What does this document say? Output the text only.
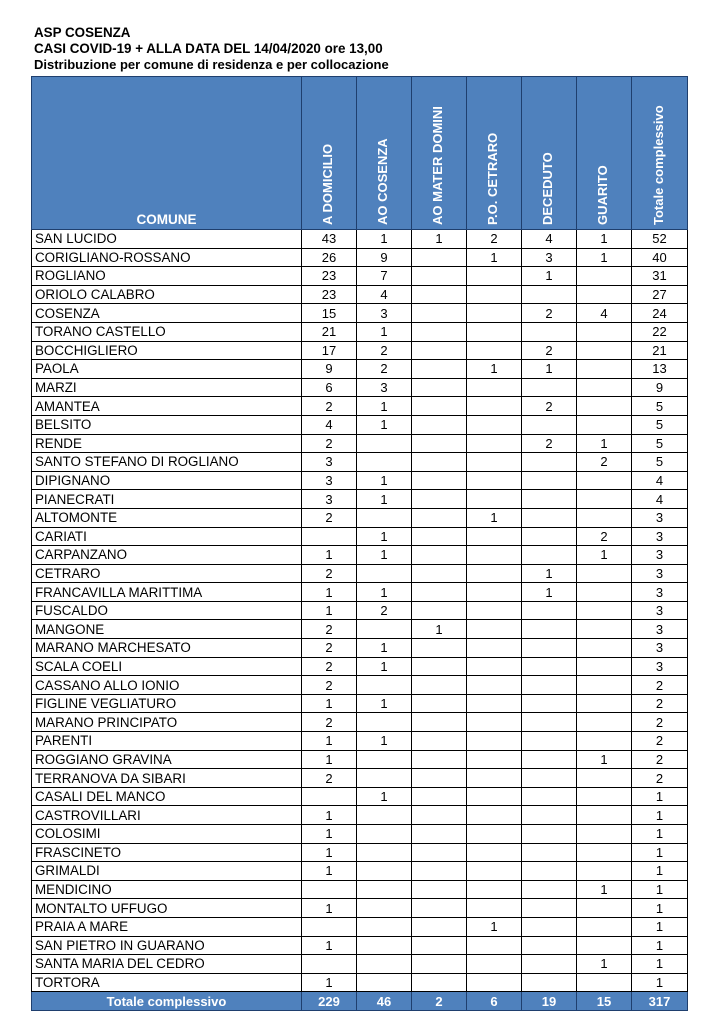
ASP COSENZA
CASI COVID-19 + ALLA DATA DEL 14/04/2020 ore 13,00
Distribuzione per comune di residenza e per collocazione
COMUNE	A DOMICILIO	AO COSENZA	AO MATER DOMINI	P.O. CETRARO	DECEDUTO	GUARITO	Totale complessivo

SAN LUCIDO	43	1	1	2	4	1	52
CORIGLIANO-ROSSANO	26	9		1	3	1	40
ROGLIANO	23	7			1		31
ORIOLO CALABRO	23	4					27
COSENZA	15	3			2	4	24
TORANO CASTELLO	21	1					22
BOCCHIGLIERO	17	2			2		21
PAOLA	9	2		1	1		13
MARZI	6	3					9
AMANTEA	2	1			2		5
BELSITO	4	1					5
RENDE	2				2	1	5
SANTO STEFANO DI ROGLIANO	3					2	5
DIPIGNANO	3	1					4
PIANECRATI	3	1					4
ALTOMONTE	2			1			3
CARIATI		1				2	3
CARPANZANO	1	1				1	3
CETRARO	2				1		3
FRANCAVILLA MARITTIMA	1	1			1		3
FUSCALDO	1	2					3
MANGONE	2		1				3
MARANO MARCHESATO	2	1					3
SCALA COELI	2	1					3
CASSANO ALLO IONIO	2						2
FIGLINE VEGLIATURO	1	1					2
MARANO PRINCIPATO	2						2
PARENTI	1	1					2
ROGGIANO GRAVINA	1					1	2
TERRANOVA DA SIBARI	2						2
CASALI DEL MANCO		1					1
CASTROVILLARI	1						1
COLOSIMI	1						1
FRASCINETO	1						1
GRIMALDI	1						1
MENDICINO						1	1
MONTALTO UFFUGO	1						1
PRAIA A MARE				1			1
SAN PIETRO IN GUARANO	1						1
SANTA MARIA DEL CEDRO						1	1
TORTORA	1						1
Totale complessivo	229	46	2	6	19	15	317
